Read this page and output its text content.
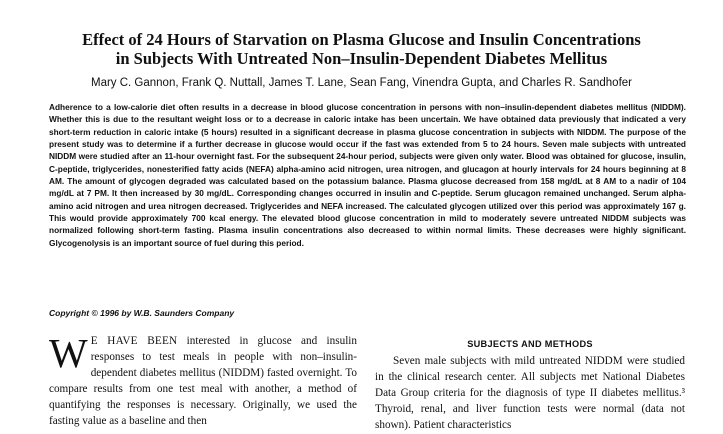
Effect of 24 Hours of Starvation on Plasma Glucose and Insulin Concentrations
in Subjects With Untreated Non–Insulin-Dependent Diabetes Mellitus

Mary C. Gannon, Frank Q. Nuttall, James T. Lane, Sean Fang, Vinendra Gupta, and Charles R. Sandhofer

Adherence to a low-calorie diet often results in a decrease in blood glucose concentration in persons with non–insulin-dependent diabetes mellitus (NIDDM). Whether this is due to the resultant weight loss or to a decrease in caloric intake has been uncertain. We have obtained data previously that indicated a very short-term reduction in caloric intake (5 hours) resulted in a significant decrease in plasma glucose concentration in subjects with NIDDM. The purpose of the present study was to determine if a further decrease in glucose would occur if the fast was extended from 5 to 24 hours. Seven male subjects with untreated NIDDM were studied after an 11-hour overnight fast. For the subsequent 24-hour period, subjects were given only water. Blood was obtained for glucose, insulin, C-peptide, triglycerides, nonesterified fatty acids (NEFA) alpha-amino acid nitrogen, urea nitrogen, and glucagon at hourly intervals for 24 hours beginning at 8 AM. The amount of glycogen degraded was calculated based on the potassium balance. Plasma glucose decreased from 158 mg/dL at 8 AM to a nadir of 104 mg/dL at 7 PM. It then increased by 30 mg/dL. Corresponding changes occurred in insulin and C-peptide. Serum glucagon remained unchanged. Serum alpha-amino acid nitrogen and urea nitrogen decreased. Triglycerides and NEFA increased. The calculated glycogen utilized over this period was approximately 167 g. This would provide approximately 700 kcal energy. The elevated blood glucose concentration in mild to moderately severe untreated NIDDM subjects was normalized following short-term fasting. Plasma insulin concentrations also decreased to within normal limits. These decreases were highly significant. Glycogenolysis is an important source of fuel during this period.

Copyright © 1996 by W.B. Saunders Company

W E HAVE BEEN interested in glucose and insulin responses to test meals in people with non–insulin-dependent diabetes mellitus (NIDDM) fasted overnight. To compare results from one test meal with another, a method of quantifying the responses is necessary. Originally, we used the fasting value as a baseline and then

SUBJECTS AND METHODS

Seven male subjects with mild untreated NIDDM were studied in the clinical research center. All subjects met National Diabetes Data Group criteria for the diagnosis of type II diabetes mellitus.³ Thyroid, renal, and liver function tests were normal (data not shown). Patient characteristics
